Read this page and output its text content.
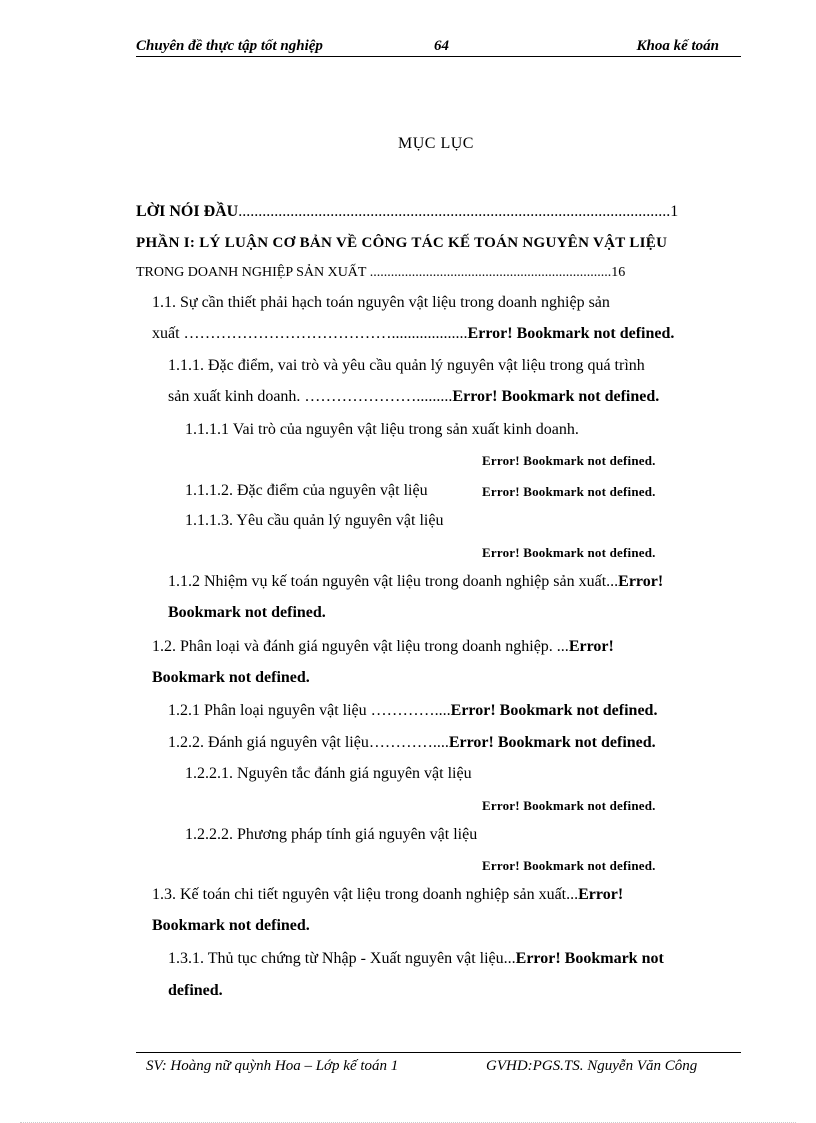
Chuyên đề thực tập tốt nghiệp	64	Khoa kế toán
MỤC LỤC
LỜI NÓI ĐẦU............................................................................................................1
PHẦN I: LÝ LUẬN CƠ BẢN VỀ CÔNG TÁC KẾ TOÁN NGUYÊN VẬT LIỆU
TRONG DOANH NGHIỆP SẢN XUẤT .....................................................................16
1.1. Sự cần thiết phải hạch toán nguyên vật liệu trong doanh nghiệp sản
xuất …………………………………...................Error! Bookmark not defined.
1.1.1. Đặc điểm, vai trò và yêu cầu quản lý nguyên vật liệu trong quá trình
sản xuất kinh doanh. ………………….........Error! Bookmark not defined.
1.1.1.1 Vai trò của nguyên vật liệu trong sản xuất kinh doanh.
Error! Bookmark not defined.
1.1.1.2. Đặc điểm của nguyên vật liệu	Error! Bookmark not defined.
1.1.1.3. Yêu cầu quản lý nguyên vật liệu
Error! Bookmark not defined.
1.1.2 Nhiệm vụ kế toán nguyên vật liệu trong doanh nghiệp sản xuất...Error!
Bookmark not defined.
1.2. Phân loại và đánh giá nguyên vật liệu trong doanh nghiệp. ...Error!
Bookmark not defined.
1.2.1 Phân loại nguyên vật liệu …………....Error! Bookmark not defined.
1.2.2. Đánh giá nguyên vật liệu…………....Error! Bookmark not defined.
1.2.2.1. Nguyên tắc đánh giá nguyên vật liệu
Error! Bookmark not defined.
1.2.2.2. Phương pháp tính giá nguyên vật liệu
Error! Bookmark not defined.
1.3. Kế toán chi tiết nguyên vật liệu trong doanh nghiệp sản xuất...Error!
Bookmark not defined.
1.3.1. Thủ tục chứng từ Nhập - Xuất nguyên vật liệu...Error! Bookmark not
defined.
SV: Hoàng nữ quỳnh Hoa – Lớp kế toán 1	GVHD:PGS.TS. Nguyễn Văn Công
